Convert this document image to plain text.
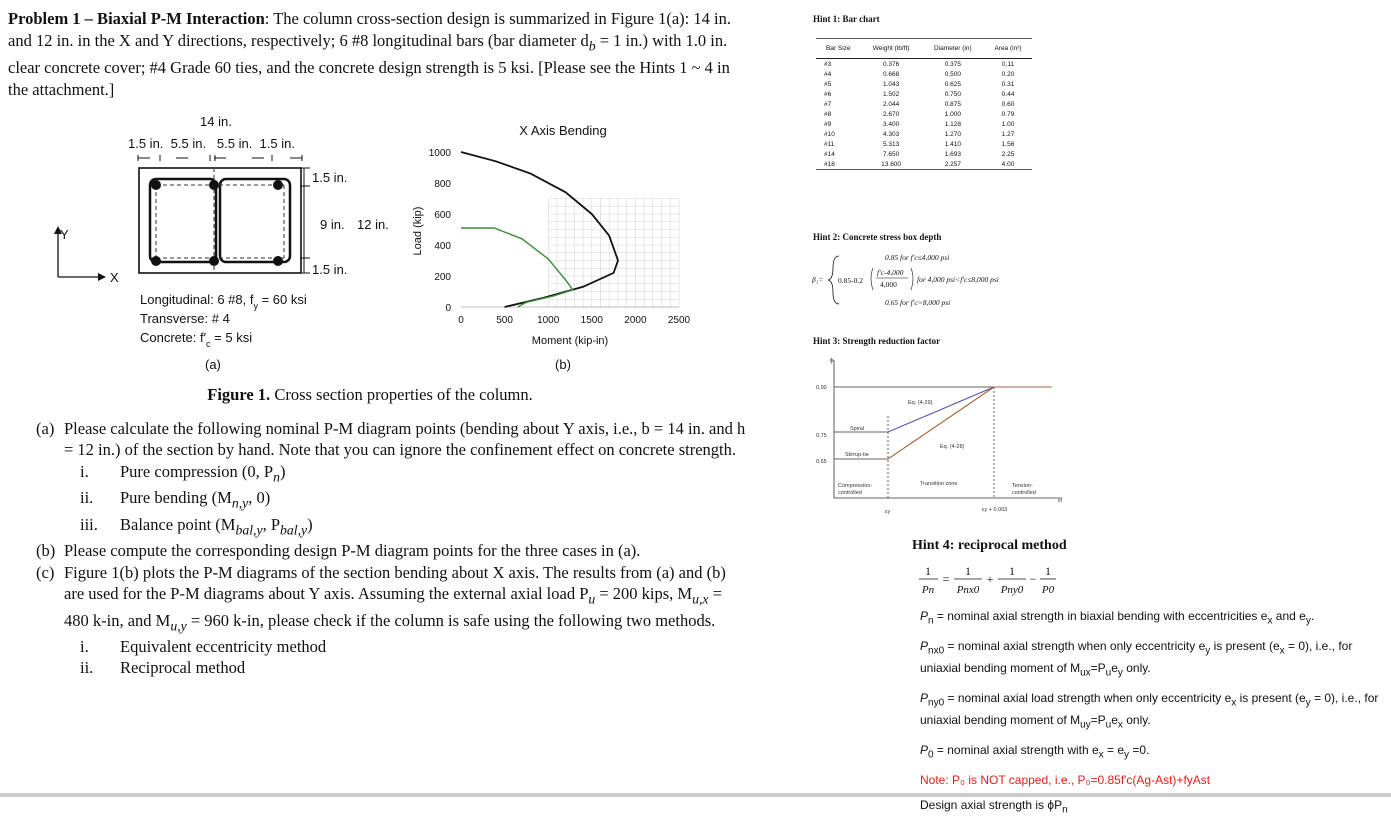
Problem 1 – Biaxial P-M Interaction: The column cross-section design is summarized in Figure 1(a): 14 in. and 12 in. in the X and Y directions, respectively; 6 #8 longitudinal bars (bar diameter $d_b = 1$ in.) with 1.0 in. clear concrete cover; #4 Grade 60 ties, and the concrete design strength is 5 ksi. [Please see the Hints 1 ~ 4 in the attachment.]
14 in.
1.5 in.  5.5 in.   5.5 in.  1.5 in.
1.5 in.
1.5 in.
9 in. 12 in.
Y
X
Longitudinal: 6 #8, $f_y = 60$ ksi
Transverse: # 4
Concrete: $f'_c = 5$ ksi
(a)
X Axis Bending
Load (kip)
Moment (kip-in)
(b)
0	500 1000 1500 2000 2500
0
200
400
600
800
1000
Figure 1. Cross section properties of the column.
(a) Please calculate the following nominal P-M diagram points (bending about Y axis, i.e., b = 14 in. and h = 12 in.) of the section by hand. Note that you can ignore the confinement effect on concrete strength.
i. Pure compression (0, $P_n$)
ii. Pure bending ($M_{n,y}$, 0)
iii. Balance point ($M_{bal,y}$, $P_{bal,y}$)
(b) Please compute the corresponding design P-M diagram points for the three cases in (a).
(c) Figure 1(b) plots the P-M diagrams of the section bending about X axis. The results from (a) and (b) are used for the P-M diagrams about Y axis. Assuming the external axial load $P_u = 200$ kips, $M_{u,x} = 480$ k-in, and $M_{u,y} = 960$ k-in, please check if the column is safe using the following two methods.
i. Equivalent eccentricity method
ii. Reciprocal method
Hint 1: Bar chart
Bar Size	Weight (lb/ft)	Diameter (in)	Area (in²)
#3	0.376	0.375	0.11
#4	0.668	0.500	0.20
#5	1.043	0.625	0.31
#6	1.502	0.750	0.44
#7	2.044	0.875	0.60
#8	2.670	1.000	0.79
#9	3.400	1.128	1.00
#10	4.303	1.270	1.27
#11	5.313	1.410	1.56
#14	7.650	1.693	2.25
#18	13.600	2.257	4.00
Hint 2: Concrete stress box depth
β₁=
0.85 for f′c≤4,000 psi
0.85-0.2
f′c-4,000
4,000
for 4,000 psi<f′c≤8,000 psi
0.65 for f′c>8,000 psi
Hint 3: Strength reduction factor
ϕ
0.90
0.75
0.65
Eq. (4-29)
Eq. (4-28)
Spiral
Stirrup-tie
Compression-
controlled
Transition zone	Tension-
controlled
εy	εy + 0.003
εt
Hint 4: reciprocal method
1
Pn
=
1
Pnx0
+
1
Pny0
−
1
P0

$P_n$ = nominal axial strength in biaxial bending with eccentricities $e_x$ and $e_y$.

$P_{nx0}$ = nominal axial strength when only eccentricity $e_y$ is present $(e_x = 0)$, i.e., for uniaxial bending moment of $M_{ux}=P_ue_y$ only.

$P_{ny0}$ = nominal axial load strength when only eccentricity $e_x$ is present $(e_y = 0)$, i.e., for uniaxial bending moment of $M_{uy}=P_ue_x$ only.

$P_0$ = nominal axial strength with $e_x = e_y =0$.

Note: P₀ is NOT capped, i.e., P₀=0.85f′c(Ag-Ast)+fyAst

Design axial strength is $\phi P_n$
